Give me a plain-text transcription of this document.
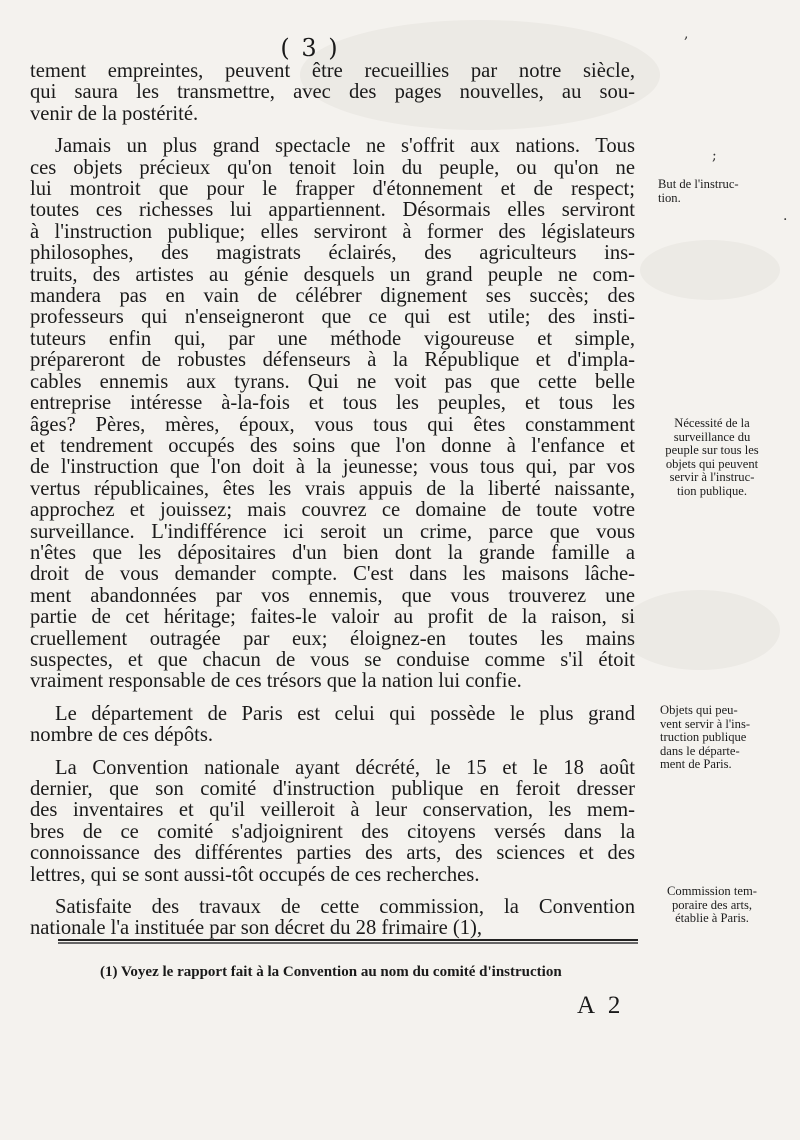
,
;
·
( 3 )
tement empreintes, peuvent être recueillies par notre siècle,
qui saura les transmettre, avec des pages nouvelles, au sou-
venir de la postérité.
Jamais un plus grand spectacle ne s'offrit aux nations. Tous
ces objets précieux qu'on tenoit loin du peuple, ou qu'on ne
lui montroit que pour le frapper d'étonnement et de respect;
toutes ces richesses lui appartiennent. Désormais elles serviront
à l'instruction publique; elles serviront à former des législateurs
philosophes, des magistrats éclairés, des agriculteurs ins-
truits, des artistes au génie desquels un grand peuple ne com-
mandera pas en vain de célébrer dignement ses succès; des
professeurs qui n'enseigneront que ce qui est utile; des insti-
tuteurs enfin qui, par une méthode vigoureuse et simple,
prépareront de robustes défenseurs à la République et d'impla-
cables ennemis aux tyrans. Qui ne voit pas que cette belle
entreprise intéresse à-la-fois et tous les peuples, et tous les
âges? Pères, mères, époux, vous tous qui êtes constamment
et tendrement occupés des soins que l'on donne à l'enfance et
de l'instruction que l'on doit à la jeunesse; vous tous qui, par vos
vertus républicaines, êtes les vrais appuis de la liberté naissante,
approchez et jouissez; mais couvrez ce domaine de toute votre
surveillance. L'indifférence ici seroit un crime, parce que vous
n'êtes que les dépositaires d'un bien dont la grande famille a
droit de vous demander compte. C'est dans les maisons lâche-
ment abandonnées par vos ennemis, que vous trouverez une
partie de cet héritage; faites-le valoir au profit de la raison, si
cruellement outragée par eux; éloignez-en toutes les mains
suspectes, et que chacun de vous se conduise comme s'il étoit
vraiment responsable de ces trésors que la nation lui confie.
Le département de Paris est celui qui possède le plus grand
nombre de ces dépôts.
La Convention nationale ayant décrété, le 15 et le 18 août
dernier, que son comité d'instruction publique en feroit dresser
des inventaires et qu'il veilleroit à leur conservation, les mem-
bres de ce comité s'adjoignirent des citoyens versés dans la
connoissance des différentes parties des arts, des sciences et des
lettres, qui se sont aussi-tôt occupés de ces recherches.
Satisfaite des travaux de cette commission, la Convention
nationale l'a instituée par son décret du 28 frimaire (1),
But de l'instruc-
tion.
Nécessité de la
surveillance du
peuple sur tous les
objets qui peuvent
servir à l'instruc-
tion publique.
Objets qui peu-
vent servir à l'ins-
truction publique
dans le départe-
ment de Paris.
Commission tem-
poraire des arts,
établie à Paris.
(1) Voyez le rapport fait à la Convention au nom du comité d'instruction
A 2
